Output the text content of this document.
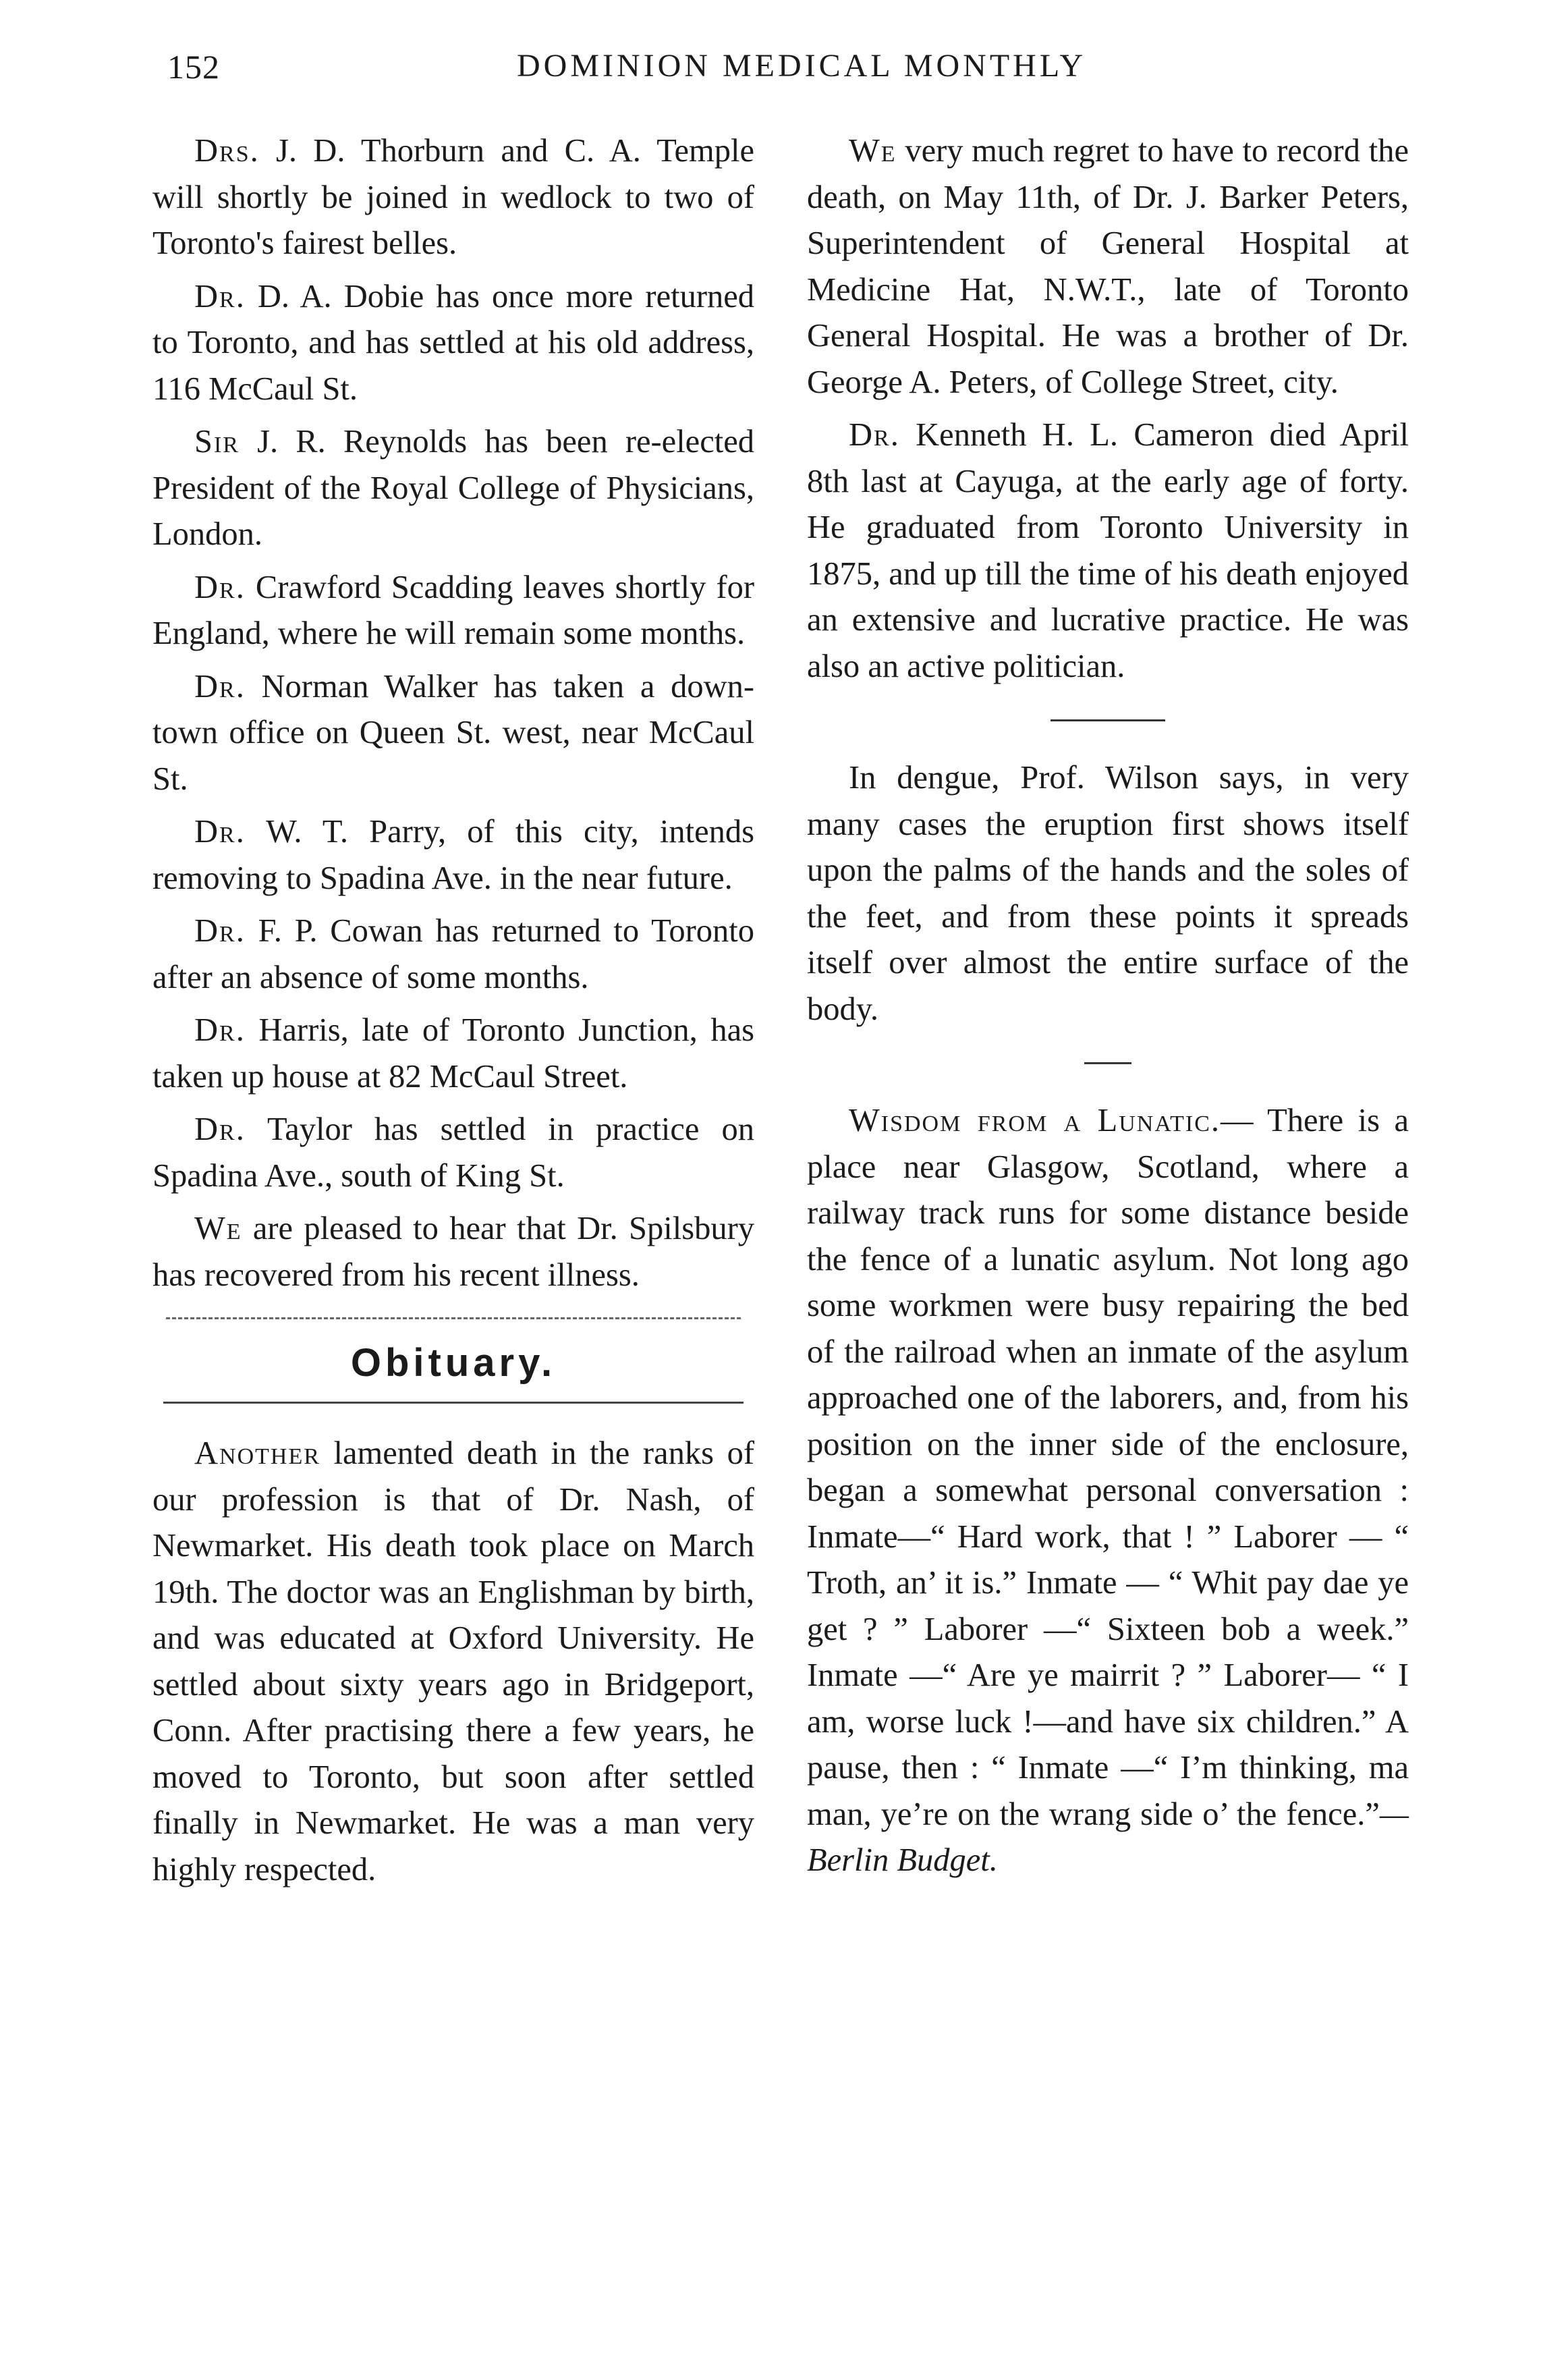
152	DOMINION MEDICAL MONTHLY

Drs. J. D. Thorburn and C. A. Temple will shortly be joined in wedlock to two of Toronto's fairest belles.

Dr. D. A. Dobie has once more returned to Toronto, and has settled at his old address, 116 McCaul St.

Sir J. R. Reynolds has been re-elected President of the Royal College of Physicians, London.

Dr. Crawford Scadding leaves shortly for England, where he will remain some months.

Dr. Norman Walker has taken a down-town office on Queen St. west, near McCaul St.

Dr. W. T. Parry, of this city, intends removing to Spadina Ave. in the near future.

Dr. F. P. Cowan has returned to Toronto after an absence of some months.

Dr. Harris, late of Toronto Junction, has taken up house at 82 McCaul Street.

Dr. Taylor has settled in practice on Spadina Ave., south of King St.

We are pleased to hear that Dr. Spilsbury has recovered from his recent illness.

Obituary.

Another lamented death in the ranks of our profession is that of Dr. Nash, of Newmarket. His death took place on March 19th. The doctor was an Englishman by birth, and was educated at Oxford University. He settled about sixty years ago in Bridgeport, Conn. After practising there a few years, he moved to Toronto, but soon after settled finally in Newmarket. He was a man very highly respected.

We very much regret to have to record the death, on May 11th, of Dr. J. Barker Peters, Superintendent of General Hospital at Medicine Hat, N.W.T., late of Toronto General Hospital. He was a brother of Dr. George A. Peters, of College Street, city.

Dr. Kenneth H. L. Cameron died April 8th last at Cayuga, at the early age of forty. He graduated from Toronto University in 1875, and up till the time of his death enjoyed an extensive and lucrative practice. He was also an active politician.

In dengue, Prof. Wilson says, in very many cases the eruption first shows itself upon the palms of the hands and the soles of the feet, and from these points it spreads itself over almost the entire surface of the body.

Wisdom from a Lunatic.— There is a place near Glasgow, Scotland, where a railway track runs for some distance beside the fence of a lunatic asylum. Not long ago some workmen were busy repairing the bed of the railroad when an inmate of the asylum approached one of the laborers, and, from his position on the inner side of the enclosure, began a somewhat personal conversation : Inmate—“ Hard work, that ! ” Laborer — “ Troth, an’ it is.” Inmate — “ Whit pay dae ye get ? ” Laborer —“ Sixteen bob a week.” Inmate —“ Are ye mairrit ? ” Laborer— “ I am, worse luck !—and have six children.” A pause, then : “ Inmate —“ I’m thinking, ma man, ye’re on the wrang side o’ the fence.”—Berlin Budget.
